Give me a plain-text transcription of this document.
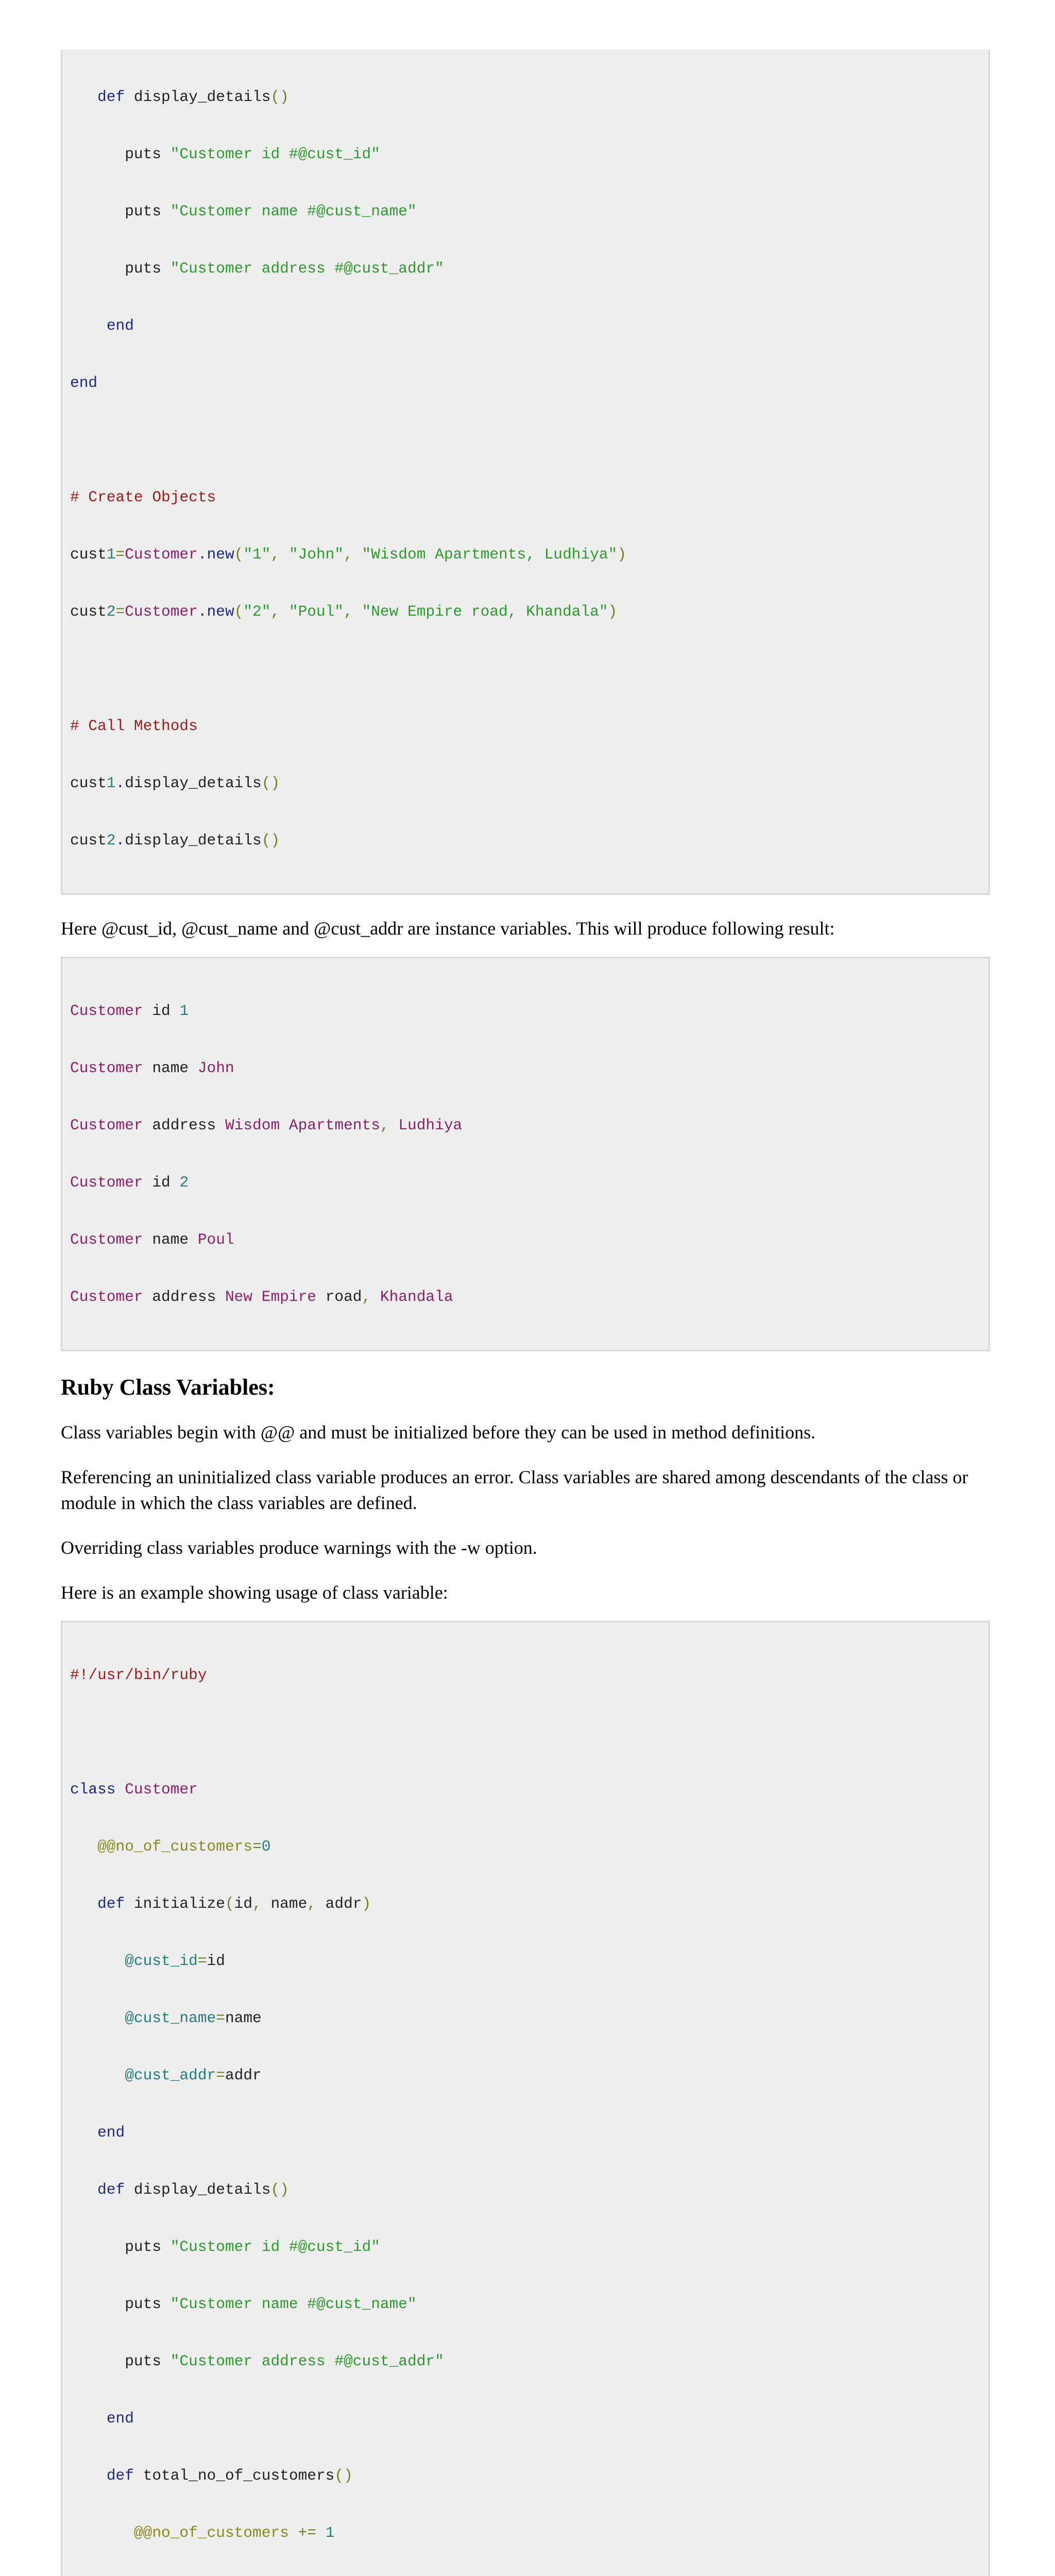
def display_details()

puts "Customer id #@cust_id"

puts "Customer name #@cust_name"

puts "Customer address #@cust_addr"

end

end

# Create Objects

cust1=Customer.new("1", "John", "Wisdom Apartments, Ludhiya")

cust2=Customer.new("2", "Poul", "New Empire road, Khandala")

# Call Methods

cust1.display_details()

cust2.display_details()

Here @cust_id, @cust_name and @cust_addr are instance variables. This will produce following result:

Customer id 1

Customer name John

Customer address Wisdom Apartments, Ludhiya

Customer id 2

Customer name Poul

Customer address New Empire road, Khandala

Ruby Class Variables:

Class variables begin with @@ and must be initialized before they can be used in method definitions.

Referencing an uninitialized class variable produces an error. Class variables are shared among descendants of the class or module in which the class variables are defined.

Overriding class variables produce warnings with the -w option.

Here is an example showing usage of class variable:

#!/usr/bin/ruby

class Customer

@@no_of_customers=0

def initialize(id, name, addr)

@cust_id=id

@cust_name=name

@cust_addr=addr

end

def display_details()

puts "Customer id #@cust_id"

puts "Customer name #@cust_name"

puts "Customer address #@cust_addr"

end

def total_no_of_customers()

@@no_of_customers += 1
